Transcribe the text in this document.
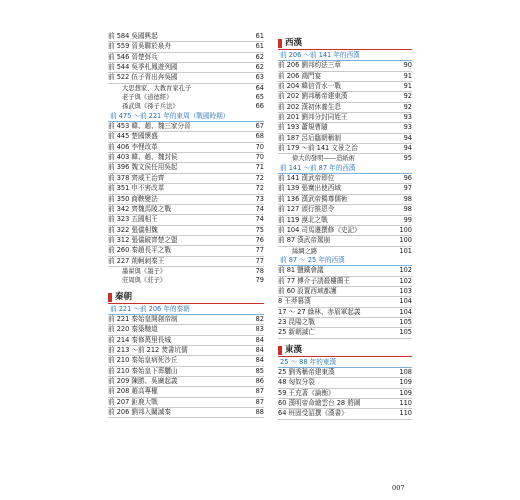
前 584 吳國興起	61
前 559 晉吳聯於泉舟	61
前 546 晉楚弭兵	62
前 544 吳季札鳳遊列國	62
前 522 伍子胥出奔吳國	63
大思想家、大教育家孔子	64
老子與《道德經》	65
孫武與《孫子兵法》	66
前 475 ～前 221 年的東周（戰國時期）
前 453 韓、趙、魏三家分晉	67
前 445 楚國懷盛	68
前 406 李悝改革	70
前 403 韓、趙、魏封侯	70
前 396 魏文侯任用吳起	71
前 378 齊威王治齊	72
前 351 申不害改革	72
前 350 商鞅變法	73
前 342 齊魏馬陵之戰	74
前 323 五國相王	74
前 322 張儀相魏	75
前 312 張儀破齊楚之盟	76
前 260 秦趙長平之戰	77
前 227 荊軻刺秦王	77
墨翟與《墨子》	78
莊周與《莊子》	79
秦朝
前 221 ～前 206 年的秦朝
前 221 秦始皇開創帝制	82
前 220 秦築馳道	83
前 214 秦修萬里長城	84
前 213 ～前 212 焚書坑儒	84
前 210 秦始皇病死沙丘	84
前 210 秦始皇下葬驪山	85
前 209 陳勝、吳廣起義	86
前 208 趙高專權	87
前 207 鉅鹿大戰	87
前 206 劉邦入關滅秦	88
西漢
前 206 ～前 141 年的西漢
前 206 劉邦約法三章	90
前 206 鴻門宴	91
前 204 韓信背水一戰	91
前 202 劉邦稱帝建東漢	92
前 202 漢初休養生息	92
前 201 劉邦分封同姓王	93
前 193 蕭規曹隨	93
前 187 呂后臨朝稱制	94
前 179 ～前 141 文景之治	94
偉大的發明——造紙術	95
前 141 ～前 87 年的西漢
前 141 漢武帝即位	96
前 139 張騫出使西域	97
前 136 漢武帝獨尊儒術	98
前 127 頒行推恩令	98
前 119 漠北之戰	99
前 104 司馬遷撰修《史記》	100
前 87 漢武帝駕崩	100
絲綢之路	101
前 87 ～ 25 年的西漢
前 81 鹽鐵會議	102
前 77 傅介子誘殺樓蘭王	102
前 60 設置西域都護	103
8 王莽篡漢	104
17 ～ 27 綠林、赤眉軍起義	104
23 昆陽之戰	105
25 新朝滅亡	105
東漢
25 ～ 88 年的東漢
25 劉秀稱帝建東漢	108
48 匈奴分裂	109
59 王充著《論衡》	109
60 漢明帝命繪雲台 28 將圖	110
64 班固受詔撰《漢書》	110
007
